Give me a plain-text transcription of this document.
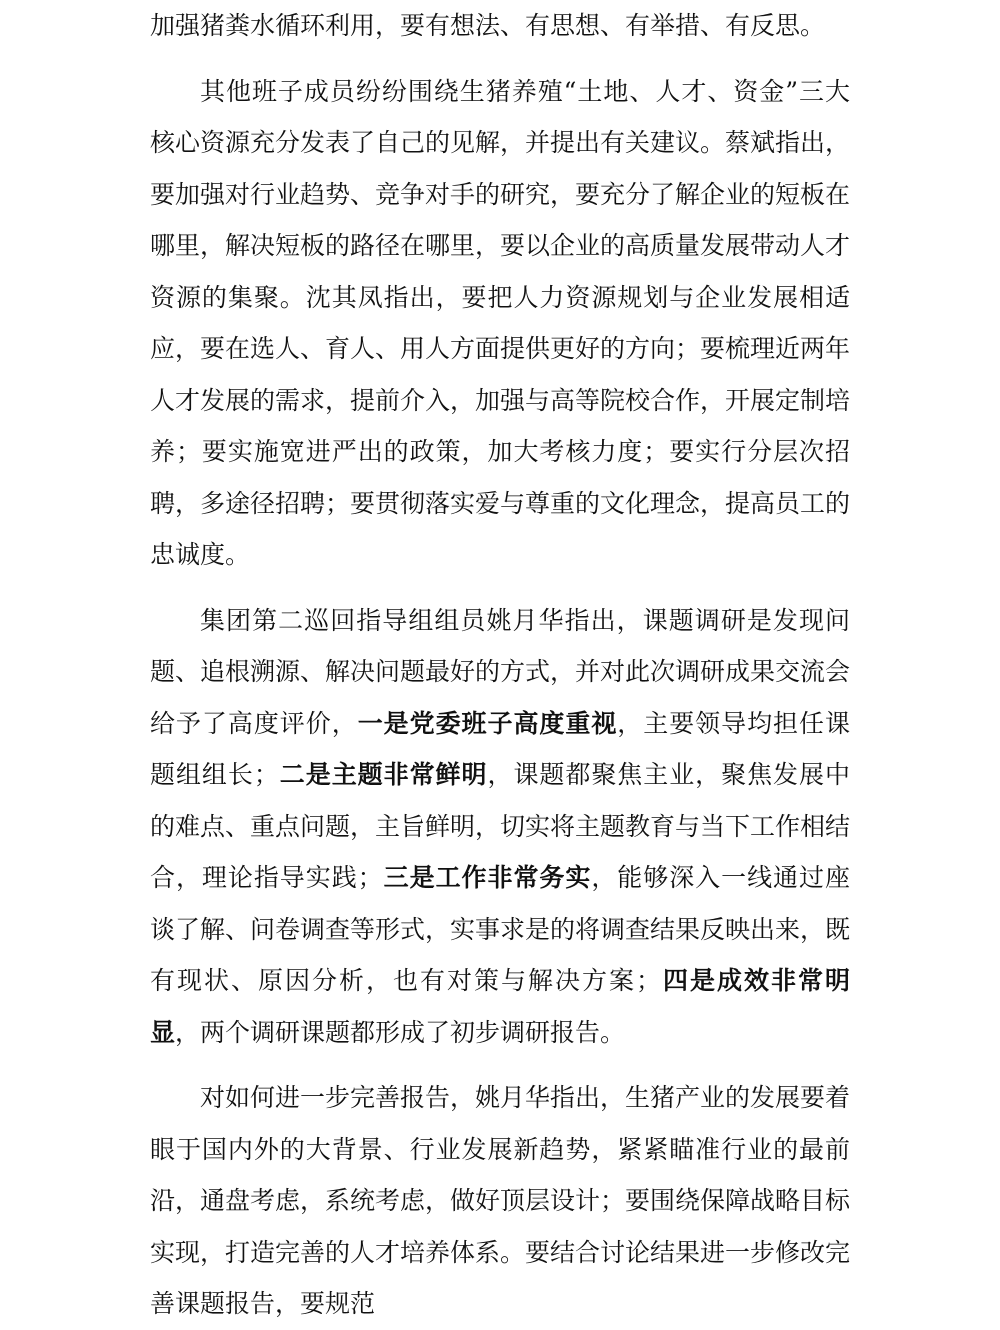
加强猪粪水循环利用，要有想法、有思想、有举措、有反思。

其他班子成员纷纷围绕生猪养殖“土地、人才、资金”三大核心资源充分发表了自己的见解，并提出有关建议。蔡斌指出，要加强对行业趋势、竞争对手的研究，要充分了解企业的短板在哪里，解决短板的路径在哪里，要以企业的高质量发展带动人才资源的集聚。沈其凤指出，要把人力资源规划与企业发展相适应，要在选人、育人、用人方面提供更好的方向；要梳理近两年人才发展的需求，提前介入，加强与高等院校合作，开展定制培养；要实施宽进严出的政策，加大考核力度；要实行分层次招聘，多途径招聘；要贯彻落实爱与尊重的文化理念，提高员工的忠诚度。

集团第二巡回指导组组员姚月华指出，课题调研是发现问题、追根溯源、解决问题最好的方式，并对此次调研成果交流会给予了高度评价，一是党委班子高度重视，主要领导均担任课题组组长；二是主题非常鲜明，课题都聚焦主业，聚焦发展中的难点、重点问题，主旨鲜明，切实将主题教育与当下工作相结合，理论指导实践；三是工作非常务实，能够深入一线通过座谈了解、问卷调查等形式，实事求是的将调查结果反映出来，既有现状、原因分析，也有对策与解决方案；四是成效非常明显，两个调研课题都形成了初步调研报告。

对如何进一步完善报告，姚月华指出，生猪产业的发展要着眼于国内外的大背景、行业发展新趋势，紧紧瞄准行业的最前沿，通盘考虑，系统考虑，做好顶层设计；要围绕保障战略目标实现，打造完善的人才培养体系。要结合讨论结果进一步修改完善课题报告，要规范
